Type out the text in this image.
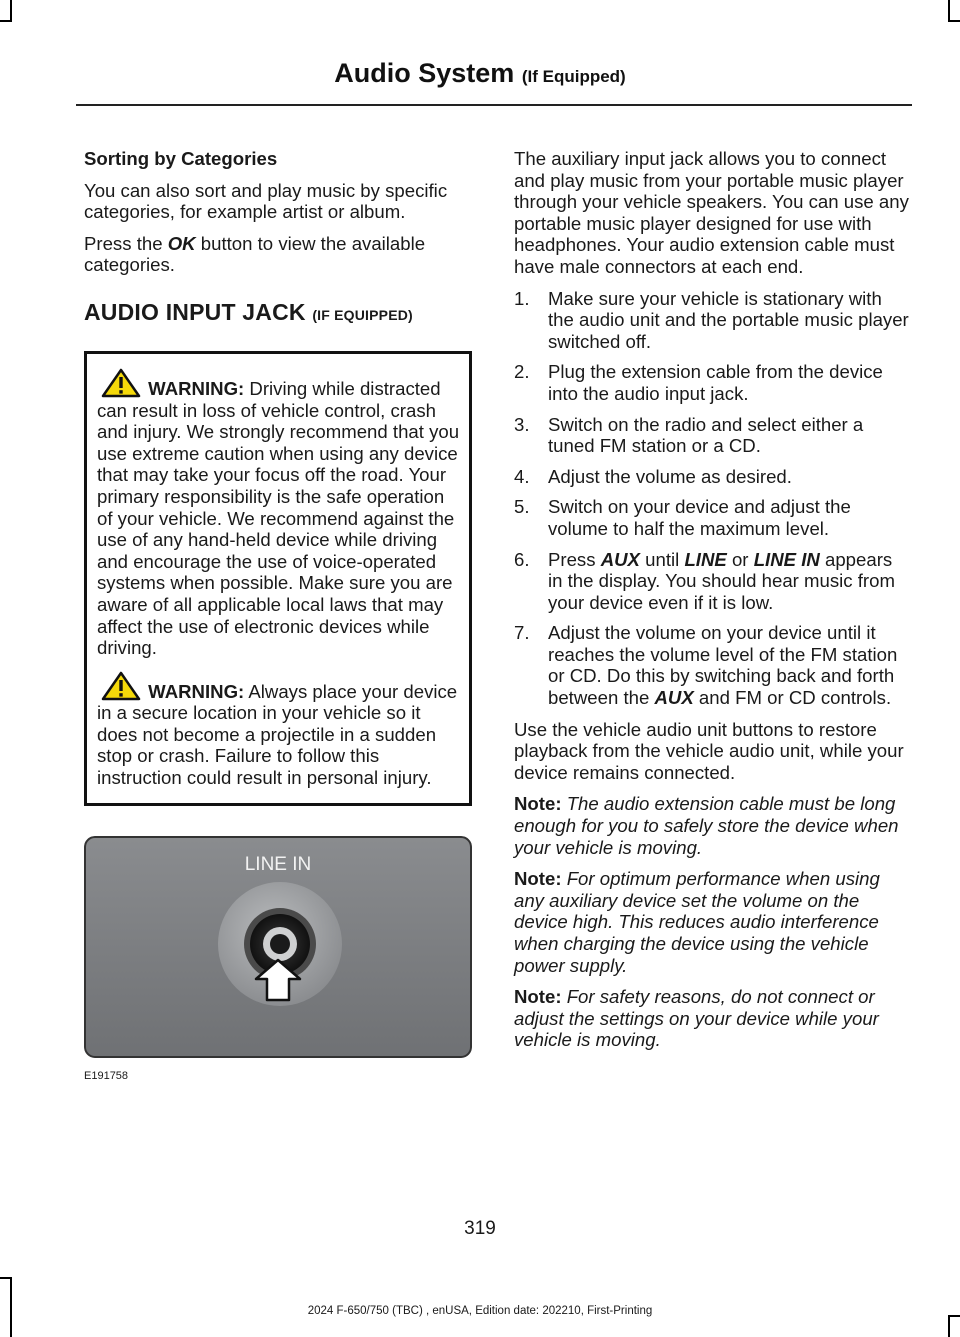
Audio System (If Equipped)

Sorting by Categories

You can also sort and play music by specific categories, for example artist or album.

Press the OK button to view the available categories.

AUDIO INPUT JACK (IF EQUIPPED)

WARNING: Driving while distracted can result in loss of vehicle control, crash and injury. We strongly recommend that you use extreme caution when using any device that may take your focus off the road. Your primary responsibility is the safe operation of your vehicle. We recommend against the use of any hand-held device while driving and encourage the use of voice-operated systems when possible. Make sure you are aware of all applicable local laws that may affect the use of electronic devices while driving.

WARNING: Always place your device in a secure location in your vehicle so it does not become a projectile in a sudden stop or crash. Failure to follow this instruction could result in personal injury.

LINE IN
E191758

The auxiliary input jack allows you to connect and play music from your portable music player through your vehicle speakers. You can use any portable music player designed for use with headphones. Your audio extension cable must have male connectors at each end.

1. Make sure your vehicle is stationary with the audio unit and the portable music player switched off.
2. Plug the extension cable from the device into the audio input jack.
3. Switch on the radio and select either a tuned FM station or a CD.
4. Adjust the volume as desired.
5. Switch on your device and adjust the volume to half the maximum level.
6. Press AUX until LINE or LINE IN appears in the display. You should hear music from your device even if it is low.
7. Adjust the volume on your device until it reaches the volume level of the FM station or CD. Do this by switching back and forth between the AUX and FM or CD controls.

Use the vehicle audio unit buttons to restore playback from the vehicle audio unit, while your device remains connected.

Note: The audio extension cable must be long enough for you to safely store the device when your vehicle is moving.

Note: For optimum performance when using any auxiliary device set the volume on the device high. This reduces audio interference when charging the device using the vehicle power supply.

Note: For safety reasons, do not connect or adjust the settings on your device while your vehicle is moving.

319
2024 F-650/750 (TBC) , enUSA, Edition date: 202210, First-Printing
